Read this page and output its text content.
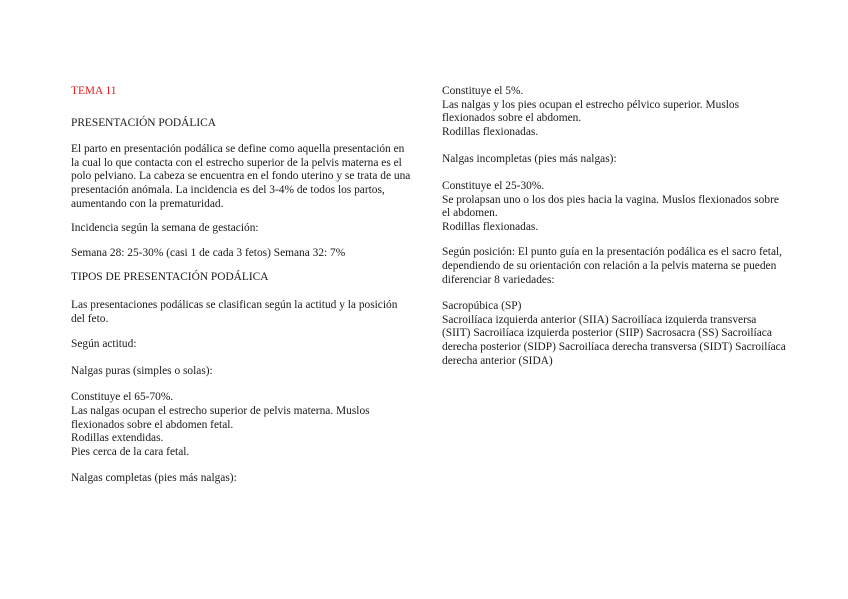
TEMA 11

PRESENTACIÓN PODÁLICA

El parto en presentación podálica se define como aquella presentación en la cual lo que contacta con el estrecho superior de la pelvis materna es el polo pelviano. La cabeza se encuentra en el fondo uterino y se trata de una presentación anómala. La incidencia es del 3-4% de todos los partos, aumentando con la prematuridad.

Incidencia según la semana de gestación:

Semana 28: 25-30% (casi 1 de cada 3 fetos) Semana 32: 7%

TIPOS DE PRESENTACIÓN PODÁLICA

Las presentaciones podálicas se clasifican según la actitud y la posición del feto.

Según actitud:

Nalgas puras (simples o solas):

Constituye el 65-70%.

Las nalgas ocupan el estrecho superior de pelvis materna. Muslos flexionados sobre el abdomen fetal.

Rodillas extendidas.

Pies cerca de la cara fetal.

Nalgas completas (pies más nalgas):

Constituye el 5%.

Las nalgas y los pies ocupan el estrecho pélvico superior. Muslos flexionados sobre el abdomen.

Rodillas flexionadas.

Nalgas incompletas (pies más nalgas):

Constituye el 25-30%.

Se prolapsan uno o los dos pies hacia la vagina. Muslos flexionados sobre el abdomen.

Rodillas flexionadas.

Según posición: El punto guía en la presentación podálica es el sacro fetal, dependiendo de su orientación con relación a la pelvis materna se pueden diferenciar 8 variedades:

Sacropúbica (SP)

Sacroilíaca izquierda anterior (SIIA) Sacroilíaca izquierda transversa (SIIT) Sacroilíaca izquierda posterior (SIIP) Sacrosacra (SS) Sacroilíaca derecha posterior (SIDP) Sacroilíaca derecha transversa (SIDT) Sacroilíaca derecha anterior (SIDA)
